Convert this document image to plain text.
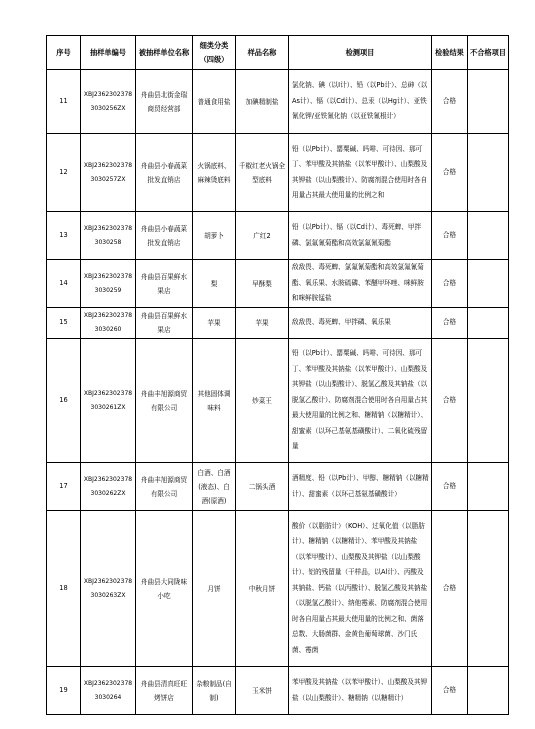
序号	抽样单编号	被抽样单位名称	细类分类（四级）	样品名称	检测项目	检验结果	不合格项目
11	XBJ23623023783030256ZX	舟曲县北街金瑞商贸经营部	普通食用盐	加碘精制盐	氯化钠、碘（以I计）、铅（以Pb计）、总砷（以As计）、镉（以Cd计）、总汞（以Hg计）、亚铁氰化钾/亚铁氰化钠（以亚铁氰根计）	合格	
12	XBJ23623023783030257ZX	舟曲县小春蔬菜批发直销店	火锅底料、麻辣烫底料	千椒红老火锅全型底料	铅（以Pb计）、罂粟碱、吗啡、可待因、那可丁、苯甲酸及其钠盐（以苯甲酸计）、山梨酸及其钾盐（以山梨酸计）、防腐剂混合使用时各自用量占其最大使用量的比例之和	合格	
13	XBJ23623023783030258	舟曲县小春蔬菜批发直销店	胡萝卜	广红2	铅（以Pb计）、镉（以Cd计）、毒死蜱、甲拌磷、氯氟氰菊酯和高效氯氟氰菊酯	合格	
14	XBJ23623023783030259	舟曲县百果鲜水果店	梨	早酥梨	敌敌畏、毒死蜱、氯氟氰菊酯和高效氯氟氰菊酯、氧乐果、水胺硫磷、苯醚甲环唑、咪鲜胺和咪鲜胺锰盐	合格	
15	XBJ23623023783030260	舟曲县百果鲜水果店	苹果	苹果	敌敌畏、毒死蜱、甲拌磷、氧乐果	合格	
16	XBJ23623023783030261ZX	舟曲丰旭源商贸有限公司	其他固体调味料	炒菜王	铅（以Pb计）、罂粟碱、吗啡、可待因、那可丁、苯甲酸及其钠盐（以苯甲酸计）、山梨酸及其钾盐（以山梨酸计）、脱氢乙酸及其钠盐（以脱氢乙酸计）、防腐剂混合使用时各自用量占其最大使用量的比例之和、糖精钠（以糖精计）、甜蜜素（以环己基氨基磺酸计）、二氧化硫残留量	合格	
17	XBJ23623023783030262ZX	舟曲丰旭源商贸有限公司	白酒、白酒(液态)、白酒(原酒)	二锅头酒	酒精度、铅（以Pb计）、甲醇、糖精钠（以糖精计）、甜蜜素（以环己基氨基磺酸计）	合格	
18	XBJ23623023783030263ZX	舟曲县大同陇味小吃	月饼	中秋月饼	酸价（以脂肪计）（KOH）、过氧化值（以脂肪计）、糖精钠（以糖精计）、苯甲酸及其钠盐（以苯甲酸计）、山梨酸及其钾盐（以山梨酸计）、铝的残留量（干样品，以Al计）、丙酸及其钠盐、钙盐（以丙酸计）、脱氢乙酸及其钠盐（以脱氢乙酸计）、纳他霉素、防腐剂混合使用时各自用量占其最大使用量的比例之和、菌落总数、大肠菌群、金黄色葡萄球菌、沙门氏菌、霉菌	合格	
19	XBJ23623023783030264	舟曲县清真旺旺烤饼店	杂粮制品(自制)	玉米饼	苯甲酸及其钠盐（以苯甲酸计）、山梨酸及其钾盐（以山梨酸计）、糖精钠（以糖精计）	合格	
